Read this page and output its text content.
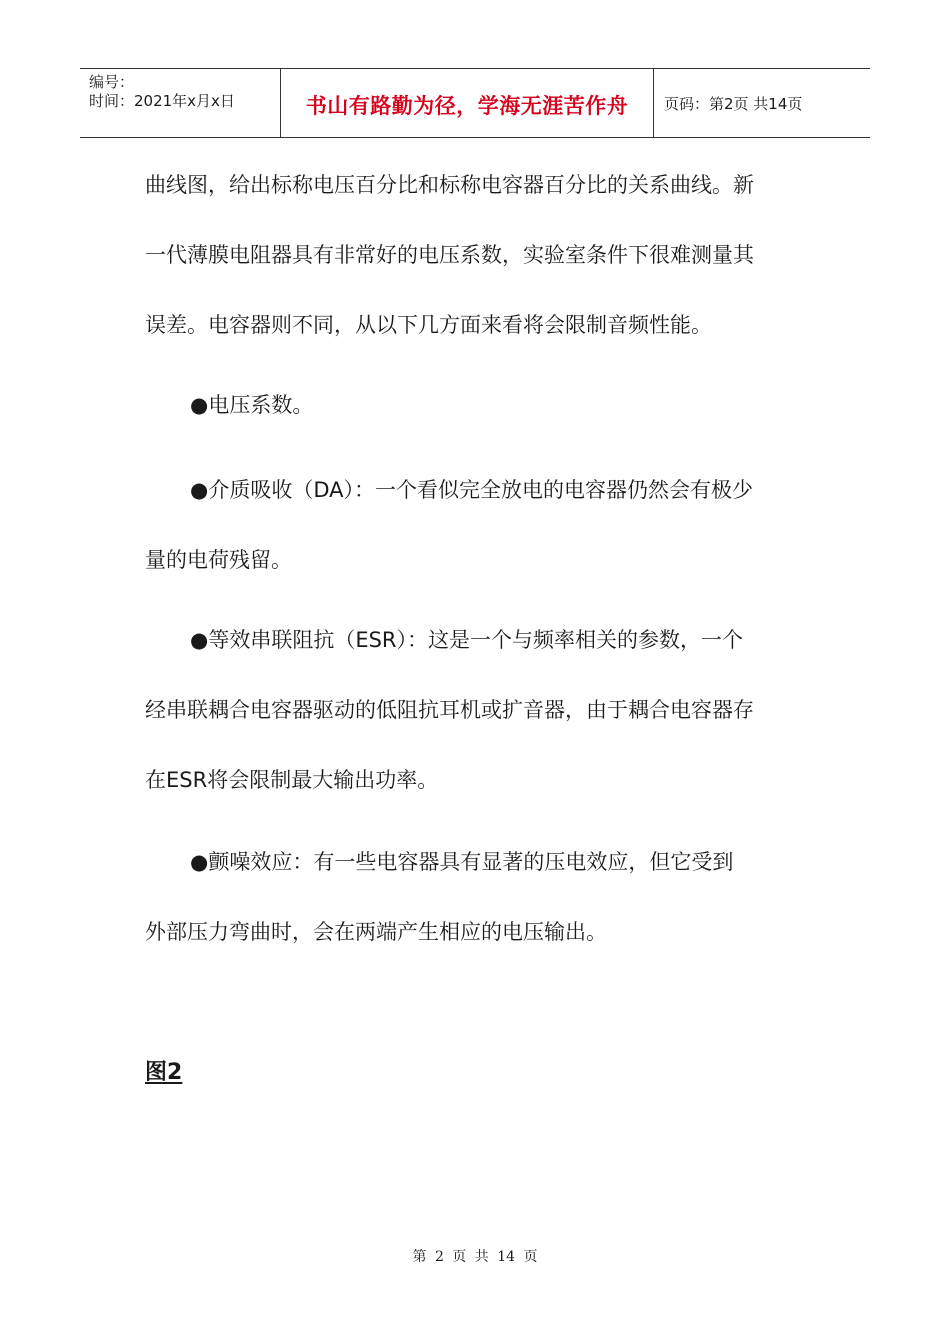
编号：
时间：2021年x月x日	书山有路勤为径，学海无涯苦作舟 页码：第2页 共14页
曲线图，给出标称电压百分比和标称电容器百分比的关系曲线。新
一代薄膜电阻器具有非常好的电压系数，实验室条件下很难测量其
误差。电容器则不同，从以下几方面来看将会限制音频性能。
●电压系数。
●介质吸收（DA）：一个看似完全放电的电容器仍然会有极少
量的电荷残留。
●等效串联阻抗（ESR）：这是一个与频率相关的参数，一个
经串联耦合电容器驱动的低阻抗耳机或扩音器，由于耦合电容器存
在ESR将会限制最大输出功率。
●颤噪效应：有一些电容器具有显著的压电效应，但它受到
外部压力弯曲时，会在两端产生相应的电压输出。
图2
第 2 页 共 14 页
